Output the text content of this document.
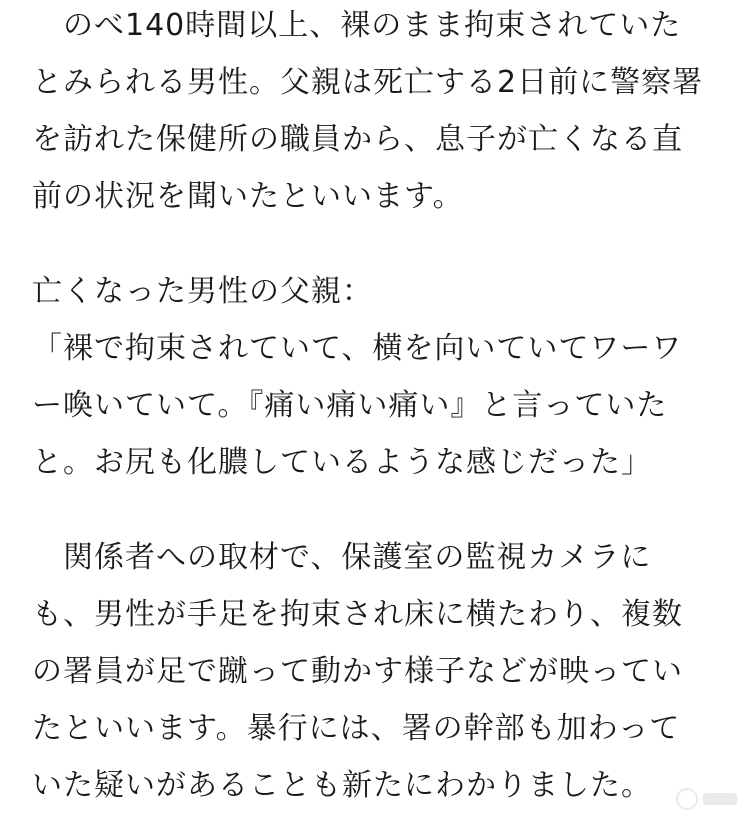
　のべ140時間以上、裸のまま拘束されていた
とみられる男性。父親は死亡する2日前に警察署
を訪れた保健所の職員から、息子が亡くなる直
前の状況を聞いたといいます。
亡くなった男性の父親：
「裸で拘束されていて、横を向いていてワーワ
ー喚いていて。『痛い痛い痛い』と言っていた
と。お尻も化膿しているような感じだった」
　関係者への取材で、保護室の監視カメラに
も、男性が手足を拘束され床に横たわり、複数
の署員が足で蹴って動かす様子などが映ってい
たといいます。暴行には、署の幹部も加わって
いた疑いがあることも新たにわかりました。
